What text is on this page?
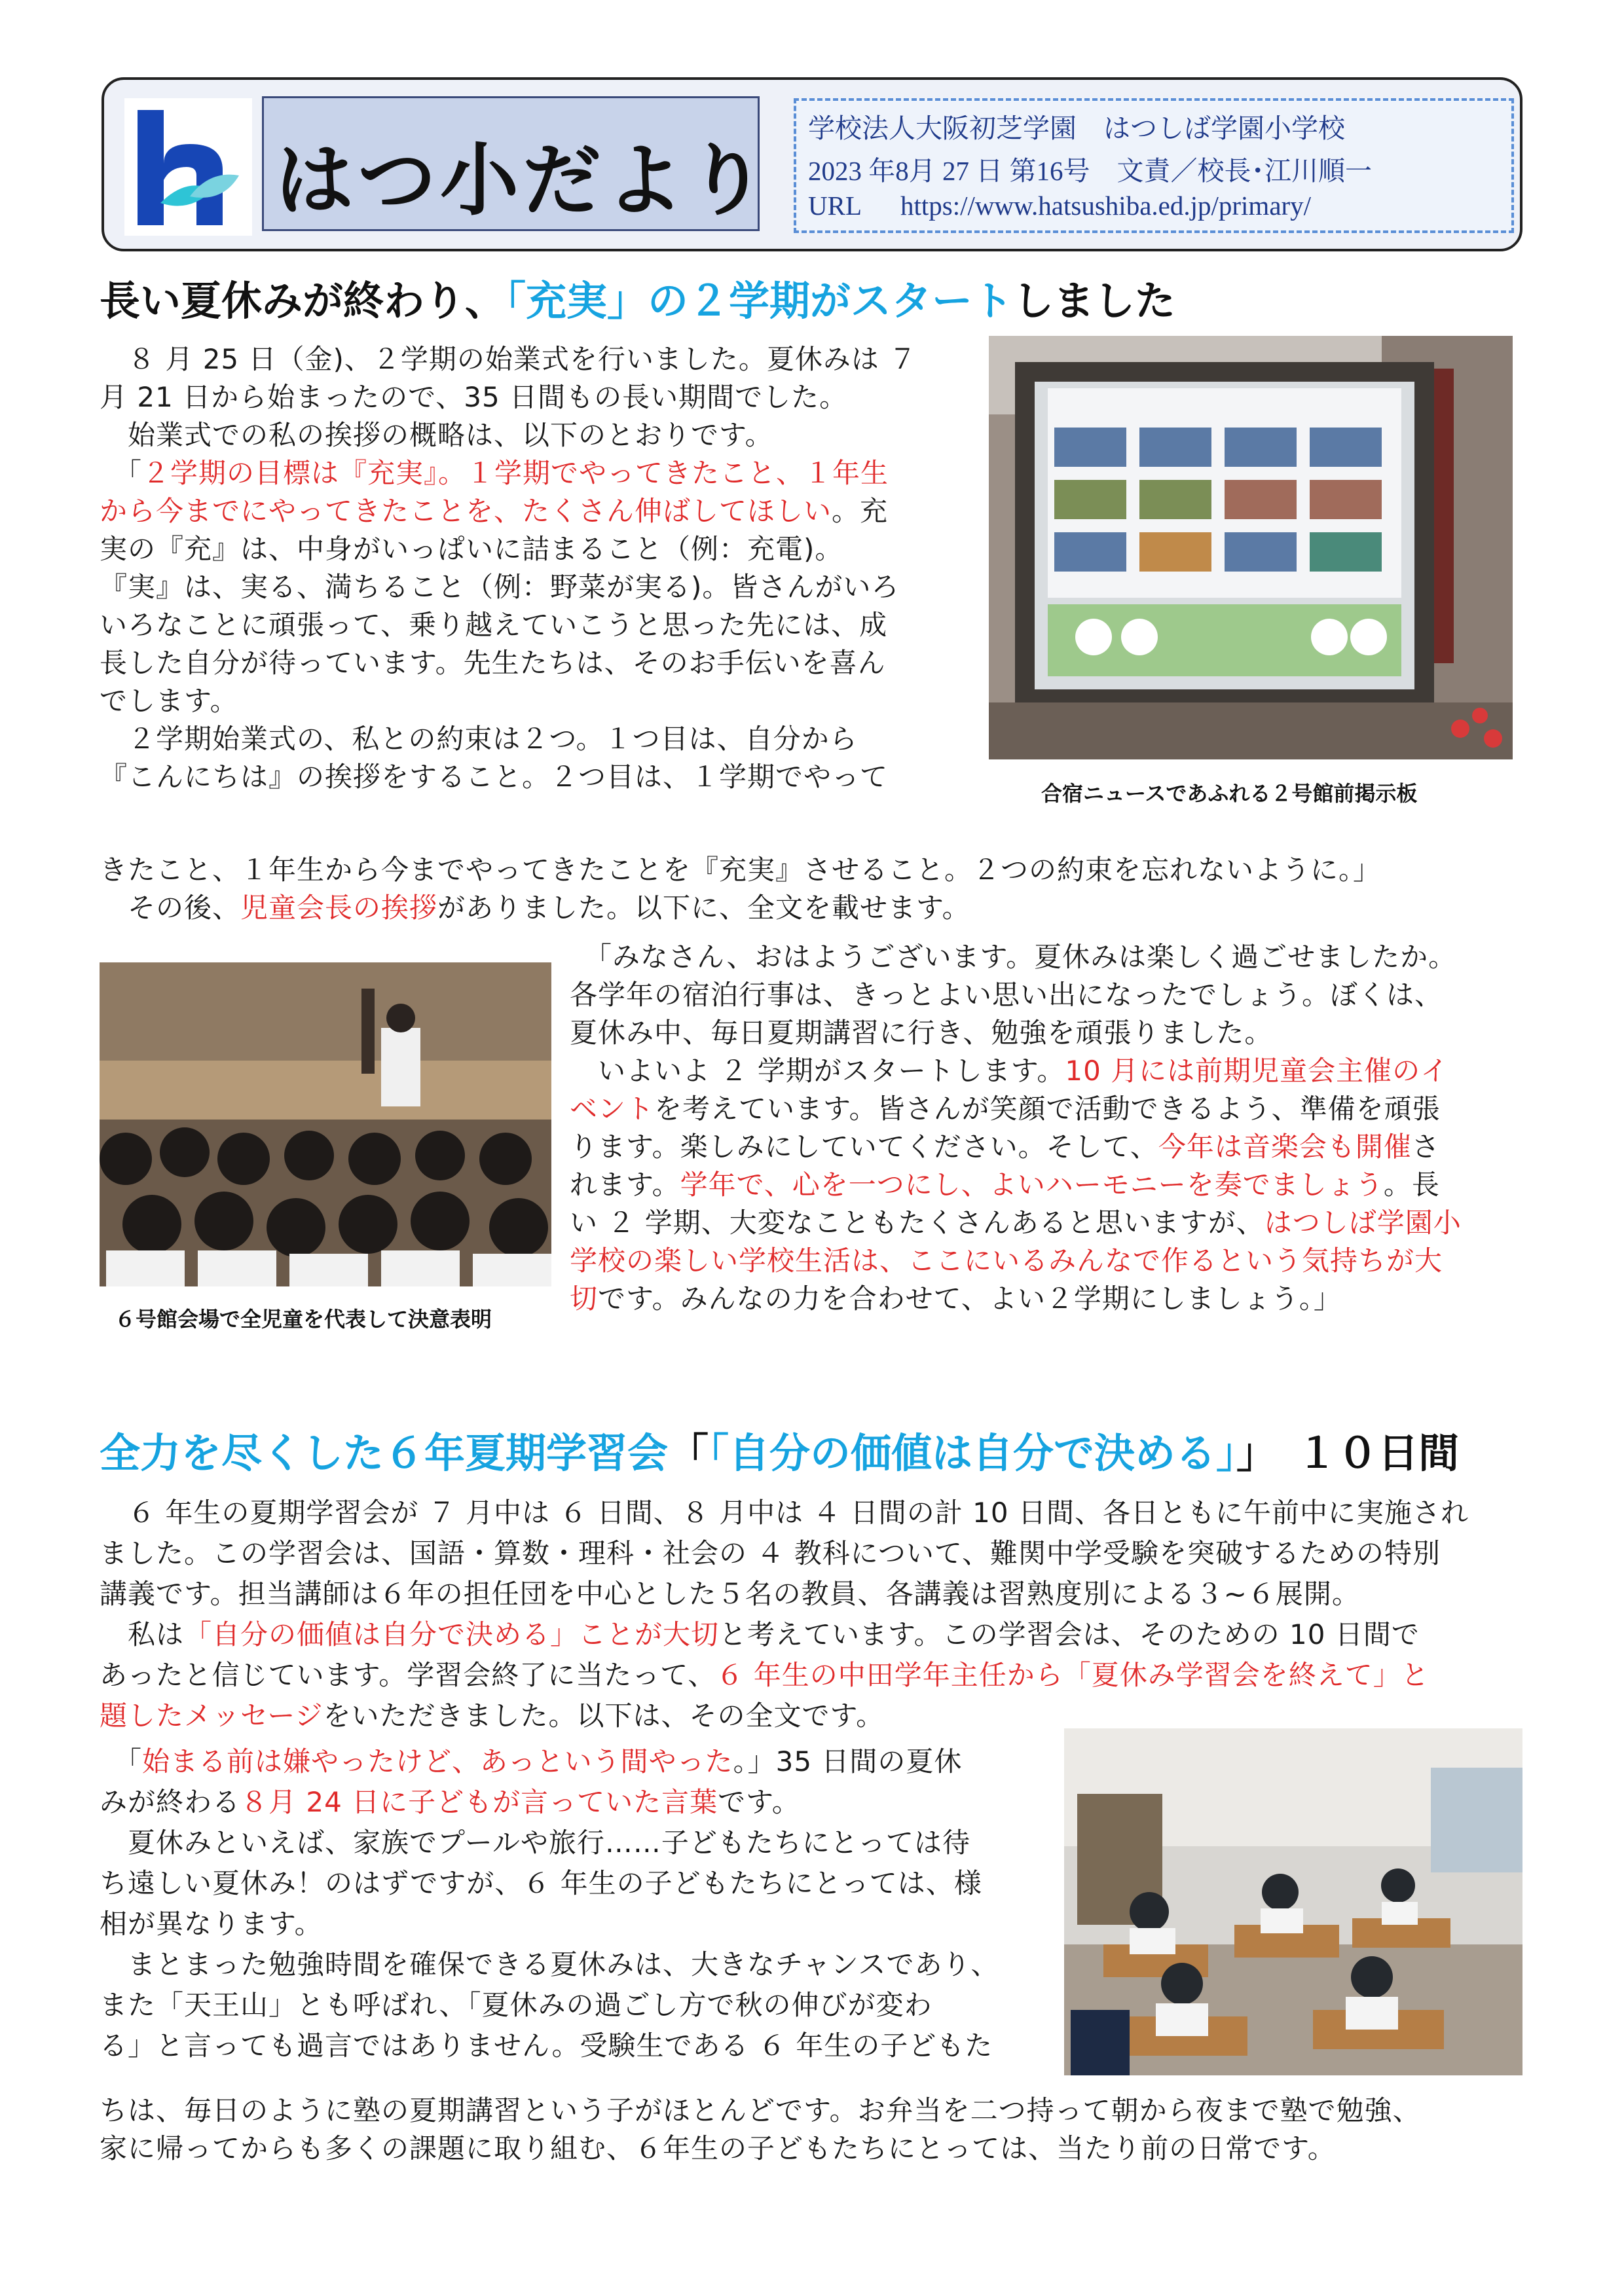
はつ小だより
学校法人大阪初芝学園　はつしば学園小学校
2023 年8月 27 日 第16号　文責／校長･江川順一
URL https://www.hatsushiba.ed.jp/primary/
長い夏休みが終わり、「充実」の２学期がスタートしました
　８ 月 25 日（金)、２学期の始業式を行いました。夏休みは ７
月 21 日から始まったので、35 日間もの長い期間でした。
　始業式での私の挨拶の概略は、以下のとおりです。
　「２学期の目標は『充実』。１学期でやってきたこと、１年生
から今までにやってきたことを、たくさん伸ばしてほしい。充
実の『充』は、中身がいっぱいに詰まること（例：充電)。
『実』は、実る、満ちること（例：野菜が実る)。皆さんがいろ
いろなことに頑張って、乗り越えていこうと思った先には、成
長した自分が待っています。先生たちは、そのお手伝いを喜ん
でします。
　２学期始業式の、私との約束は２つ。１つ目は、自分から
『こんにちは』の挨拶をすること。２つ目は、１学期でやって
きたこと、１年生から今までやってきたことを『充実』させること。２つの約束を忘れないように。」
　その後、児童会長の挨拶がありました。以下に、全文を載せます。
合宿ニュースであふれる２号館前掲示板
６号館会場で全児童を代表して決意表明
　「みなさん、おはようございます。夏休みは楽しく過ごせましたか。
各学年の宿泊行事は、きっとよい思い出になったでしょう。ぼくは、
夏休み中、毎日夏期講習に行き、勉強を頑張りました。
　いよいよ ２ 学期がスタートします。10 月には前期児童会主催のイ
ベントを考えています。皆さんが笑顔で活動できるよう、準備を頑張
ります。楽しみにしていてください。そして、今年は音楽会も開催さ
れます。学年で、心を一つにし、よいハーモニーを奏でましょう。長
い ２ 学期、大変なこともたくさんあると思いますが、はつしば学園小
学校の楽しい学校生活は、ここにいるみんなで作るという気持ちが大
切です。みんなの力を合わせて、よい２学期にしましょう。」
全力を尽くした６年夏期学習会「「自分の価値は自分で決める」」 １０日間
　６ 年生の夏期学習会が ７ 月中は ６ 日間、８ 月中は ４ 日間の計 10 日間、各日ともに午前中に実施され
ました。この学習会は、国語・算数・理科・社会の ４ 教科について、難関中学受験を突破するための特別
講義です。担当講師は６年の担任団を中心とした５名の教員、各講義は習熟度別による３~６展開。
　私は「自分の価値は自分で決める」ことが大切と考えています。この学習会は、そのための 10 日間で
あったと信じています。学習会終了に当たって、６ 年生の中田学年主任から「夏休み学習会を終えて」と
題したメッセージをいただきました。以下は、その全文です。
　「始まる前は嫌やったけど、あっという間やった。」35 日間の夏休
みが終わる８月 24 日に子どもが言っていた言葉です。
　夏休みといえば、家族でプールや旅行……子どもたちにとっては待
ち遠しい夏休み！のはずですが、６ 年生の子どもたちにとっては、様
相が異なります。
　まとまった勉強時間を確保できる夏休みは、大きなチャンスであり、
また「天王山」とも呼ばれ、「夏休みの過ごし方で秋の伸びが変わ
る」と言っても過言ではありません。受験生である ６ 年生の子どもた
ちは、毎日のように塾の夏期講習という子がほとんどです。お弁当を二つ持って朝から夜まで塾で勉強、
家に帰ってからも多くの課題に取り組む、６年生の子どもたちにとっては、当たり前の日常です。
